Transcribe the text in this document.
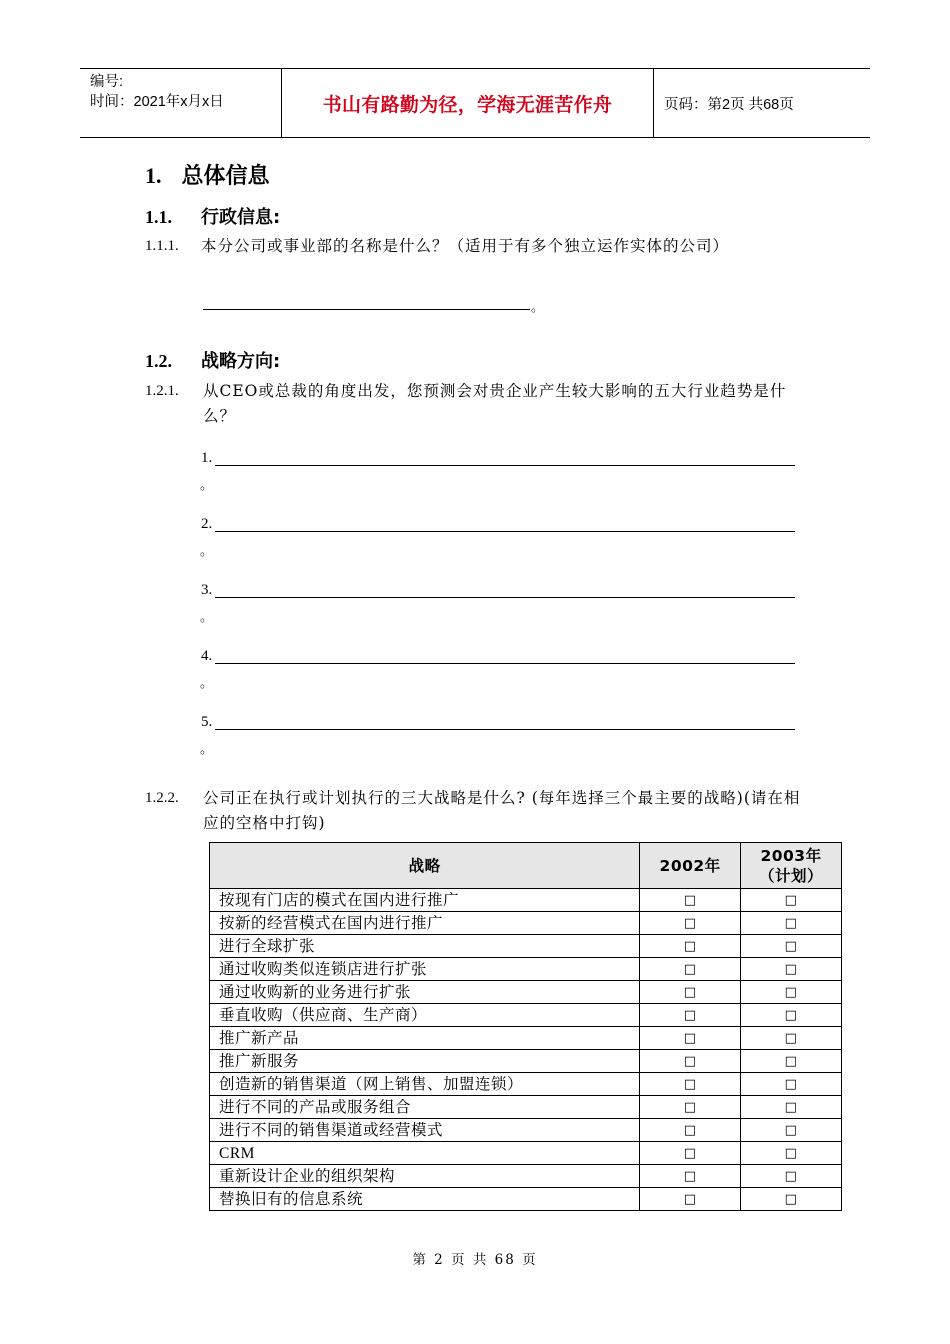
编号:
时间：2021年x月x日	书山有路勤为径，学海无涯苦作舟	页码：第2页 共68页
1. 总体信息
1.1. 行政信息:
1.1.1.	本分公司或事业部的名称是什么？（适用于有多个独立运作实体的公司）
。
1.2. 战略方向:
1.2.1. 从CEO或总裁的角度出发，您预测会对贵企业产生较大影响的五大行业趋势是什么？
1.
。
2.
。
3.
。
4.
。
5.
。
1.2.2. 公司正在执行或计划执行的三大战略是什么? (每年选择三个最主要的战略)(请在相应的空格中打钩)
战略	2002年	2003年（计划）
按现有门店的模式在国内进行推广	□	□
按新的经营模式在国内进行推广	□	□
进行全球扩张	□	□
通过收购类似连锁店进行扩张	□	□
通过收购新的业务进行扩张	□	□
垂直收购（供应商、生产商）	□	□
推广新产品	□	□
推广新服务	□	□
创造新的销售渠道（网上销售、加盟连锁）	□	□
进行不同的产品或服务组合	□	□
进行不同的销售渠道或经营模式	□	□
CRM	□	□
重新设计企业的组织架构	□	□
替换旧有的信息系统	□	□
第 2 页 共 68 页
